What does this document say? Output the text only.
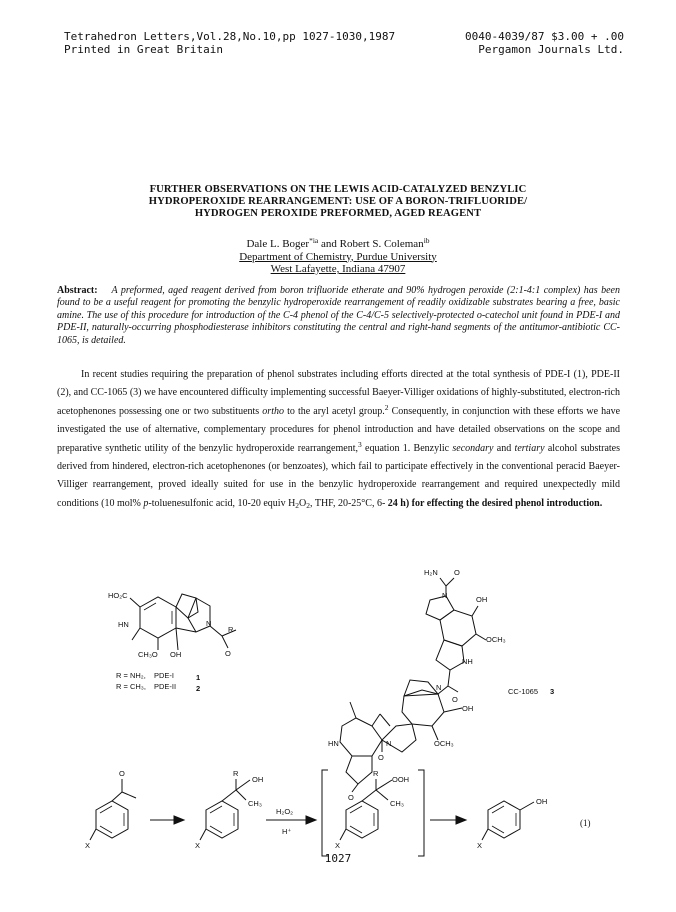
Tetrahedron Letters,Vol.28,No.10,pp 1027-1030,1987	0040-4039/87 $3.00 + .00
Printed in Great Britain	Pergamon Journals Ltd.
FURTHER OBSERVATIONS ON THE LEWIS ACID-CATALYZED BENZYLIC
HYDROPEROXIDE REARRANGEMENT: USE OF A BORON-TRIFLUORIDE/
HYDROGEN PEROXIDE PREFORMED, AGED REAGENT
Dale L. Boger$^{*ia}$ and Robert S. Coleman$^{ib}$
Department of Chemistry, Purdue University
West Lafayette, Indiana 47907
Abstract: A preformed, aged reagent derived from boron trifluoride etherate and 90% hydrogen peroxide (2:1-4:1 complex) has been found to be a useful reagent for promoting the benzylic hydroperoxide rearrangement of readily oxidizable substrates bearing a free, basic amine. The use of this procedure for introduction of the C-4 phenol of the C-4/C-5 selectively-protected o-catechol unit found in PDE-I and PDE-II, naturally-occurring phosphodiesterase inhibitors constituting the central and right-hand segments of the antitumor-antibiotic CC-1065, is detailed.
In recent studies requiring the preparation of phenol substrates including efforts directed at the total synthesis of PDE-I (1), PDE-II (2), and CC-1065 (3) we have encountered difficulty implementing successful Baeyer-Villiger oxidations of highly-substituted, electron-rich acetophenones possessing one or two substituents ortho to the aryl acetyl group.$^2$ Consequently, in conjunction with these efforts we have investigated the use of alternative, complementary procedures for phenol introduction and have detailed observations on the scope and preparative synthetic utility of the benzylic hydroperoxide rearrangement,$^3$ equation 1. Benzylic secondary and tertiary alcohol substrates derived from hindered, electron-rich acetophenones (or benzoates), which fail to participate effectively in the conventional peracid Baeyer-Villiger rearrangement, proved ideally suited for use in the benzylic hydroperoxide rearrangement and required unexpectedly mild conditions (10 mol% p-toluenesulfonic acid, 10-20 equiv $H_2O_2$, THF, 20-25°C, 6- 24 h) for effecting the desired phenol introduction.
HO₂C
HN	N
R
CH₃O OH	O
R = NH₂, PDE-I	1
R = CH₃, PDE-II	2
H₂N O
N	OH
OCH₃
NH
N
O
OH
OCH₃
N
HN
O
O
CC-1065 3
O
X
R
OH
CH₃
X
H₂O₂
H⁺
R
OOH
CH₃
X
OH
X
(1)
1027
